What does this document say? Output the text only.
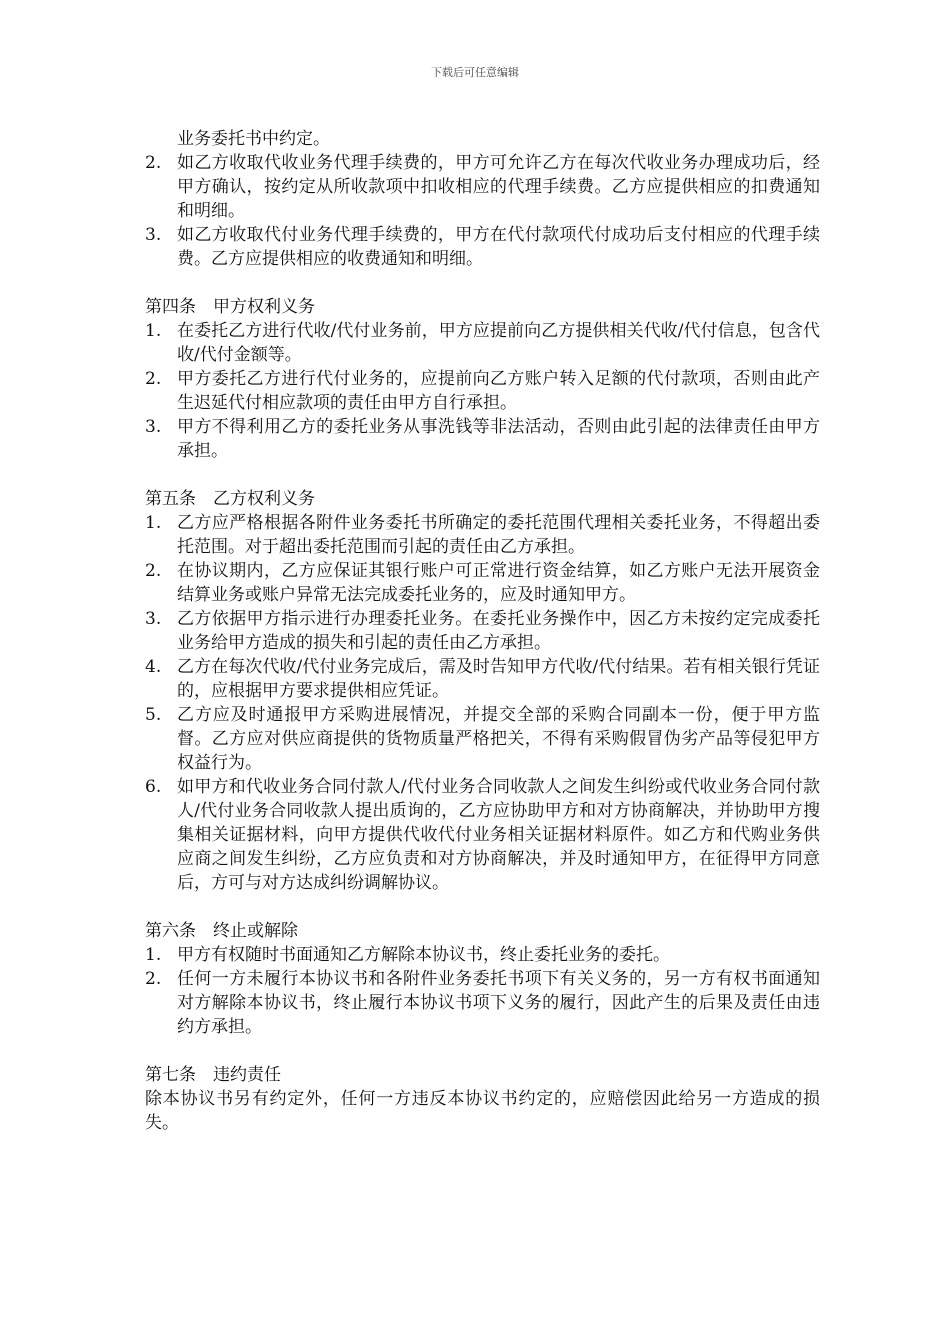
下载后可任意编辑
业务委托书中约定。
2. 如乙方收取代收业务代理手续费的，甲方可允许乙方在每次代收业务办理成功后，经甲方确认，按约定从所收款项中扣收相应的代理手续费。乙方应提供相应的扣费通知和明细。
3. 如乙方收取代付业务代理手续费的，甲方在代付款项代付成功后支付相应的代理手续费。乙方应提供相应的收费通知和明细。
第四条　甲方权利义务
1. 在委托乙方进行代收/代付业务前，甲方应提前向乙方提供相关代收/代付信息，包含代收/代付金额等。
2. 甲方委托乙方进行代付业务的，应提前向乙方账户转入足额的代付款项，否则由此产生迟延代付相应款项的责任由甲方自行承担。
3. 甲方不得利用乙方的委托业务从事洗钱等非法活动，否则由此引起的法律责任由甲方承担。
第五条　乙方权利义务
1. 乙方应严格根据各附件业务委托书所确定的委托范围代理相关委托业务，不得超出委托范围。对于超出委托范围而引起的责任由乙方承担。
2. 在协议期内，乙方应保证其银行账户可正常进行资金结算，如乙方账户无法开展资金结算业务或账户异常无法完成委托业务的，应及时通知甲方。
3. 乙方依据甲方指示进行办理委托业务。在委托业务操作中，因乙方未按约定完成委托业务给甲方造成的损失和引起的责任由乙方承担。
4. 乙方在每次代收/代付业务完成后，需及时告知甲方代收/代付结果。若有相关银行凭证的，应根据甲方要求提供相应凭证。
5. 乙方应及时通报甲方采购进展情况，并提交全部的采购合同副本一份，便于甲方监督。乙方应对供应商提供的货物质量严格把关，不得有采购假冒伪劣产品等侵犯甲方权益行为。
6. 如甲方和代收业务合同付款人/代付业务合同收款人之间发生纠纷或代收业务合同付款人/代付业务合同收款人提出质询的，乙方应协助甲方和对方协商解决，并协助甲方搜集相关证据材料，向甲方提供代收代付业务相关证据材料原件。如乙方和代购业务供应商之间发生纠纷，乙方应负责和对方协商解决，并及时通知甲方，在征得甲方同意后，方可与对方达成纠纷调解协议。
第六条　终止或解除
1. 甲方有权随时书面通知乙方解除本协议书，终止委托业务的委托。
2. 任何一方未履行本协议书和各附件业务委托书项下有关义务的，另一方有权书面通知对方解除本协议书，终止履行本协议书项下义务的履行，因此产生的后果及责任由违约方承担。
第七条　违约责任
除本协议书另有约定外，任何一方违反本协议书约定的，应赔偿因此给另一方造成的损失。
